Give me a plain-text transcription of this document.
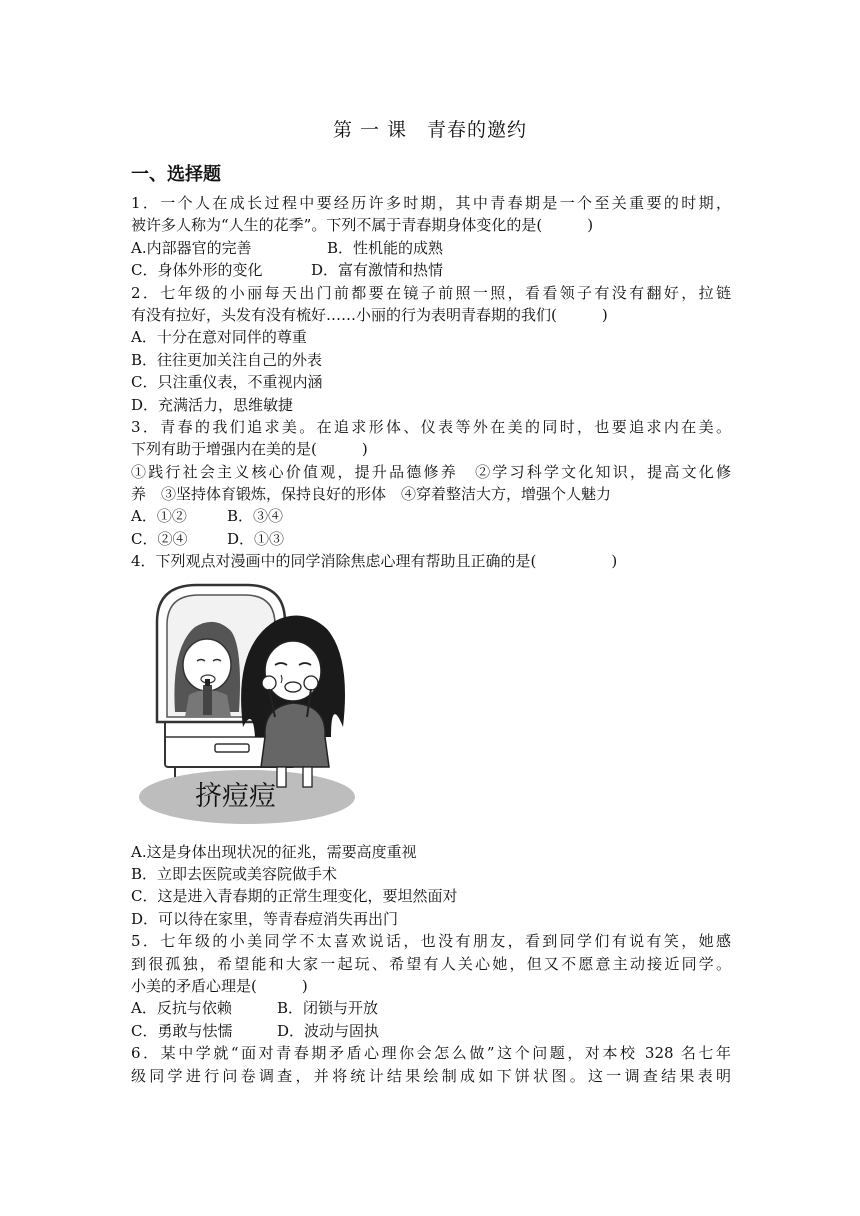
第 一 课　青春的邀约
一、选择题
1．一个人在成长过程中要经历许多时期，其中青春期是一个至关重要的时期，
被许多人称为“人生的花季”。下列不属于青春期身体变化的是(　　　)
A.内部器官的完善	B．性机能的成熟
C．身体外形的变化	D．富有激情和热情
2．七年级的小丽每天出门前都要在镜子前照一照，看看领子有没有翻好，拉链
有没有拉好，头发有没有梳好……小丽的行为表明青春期的我们(　　　)
A．十分在意对同伴的尊重
B．往往更加关注自己的外表
C．只注重仪表，不重视内涵
D．充满活力，思维敏捷
3．青春的我们追求美。在追求形体、仪表等外在美的同时，也要追求内在美。
下列有助于增强内在美的是(　　　)
①践行社会主义核心价值观，提升品德修养　②学习科学文化知识，提高文化修
养　③坚持体育锻炼，保持良好的形体　④穿着整洁大方，增强个人魅力
A．①②	B．③④
C．②④	D．①③
4．下列观点对漫画中的同学消除焦虑心理有帮助且正确的是(　　　　　)
挤痘痘
A.这是身体出现状况的征兆，需要高度重视
B．立即去医院或美容院做手术
C．这是进入青春期的正常生理变化，要坦然面对
D．可以待在家里，等青春痘消失再出门
5．七年级的小美同学不太喜欢说话，也没有朋友，看到同学们有说有笑，她感
到很孤独，希望能和大家一起玩、希望有人关心她，但又不愿意主动接近同学。
小美的矛盾心理是(　　　)
A．反抗与依赖	B．闭锁与开放
C．勇敢与怯懦	D．波动与固执
6．某中学就“面对青春期矛盾心理你会怎么做”这个问题，对本校 328 名七年
级同学进行问卷调查，并将统计结果绘制成如下饼状图。这一调查结果表明
